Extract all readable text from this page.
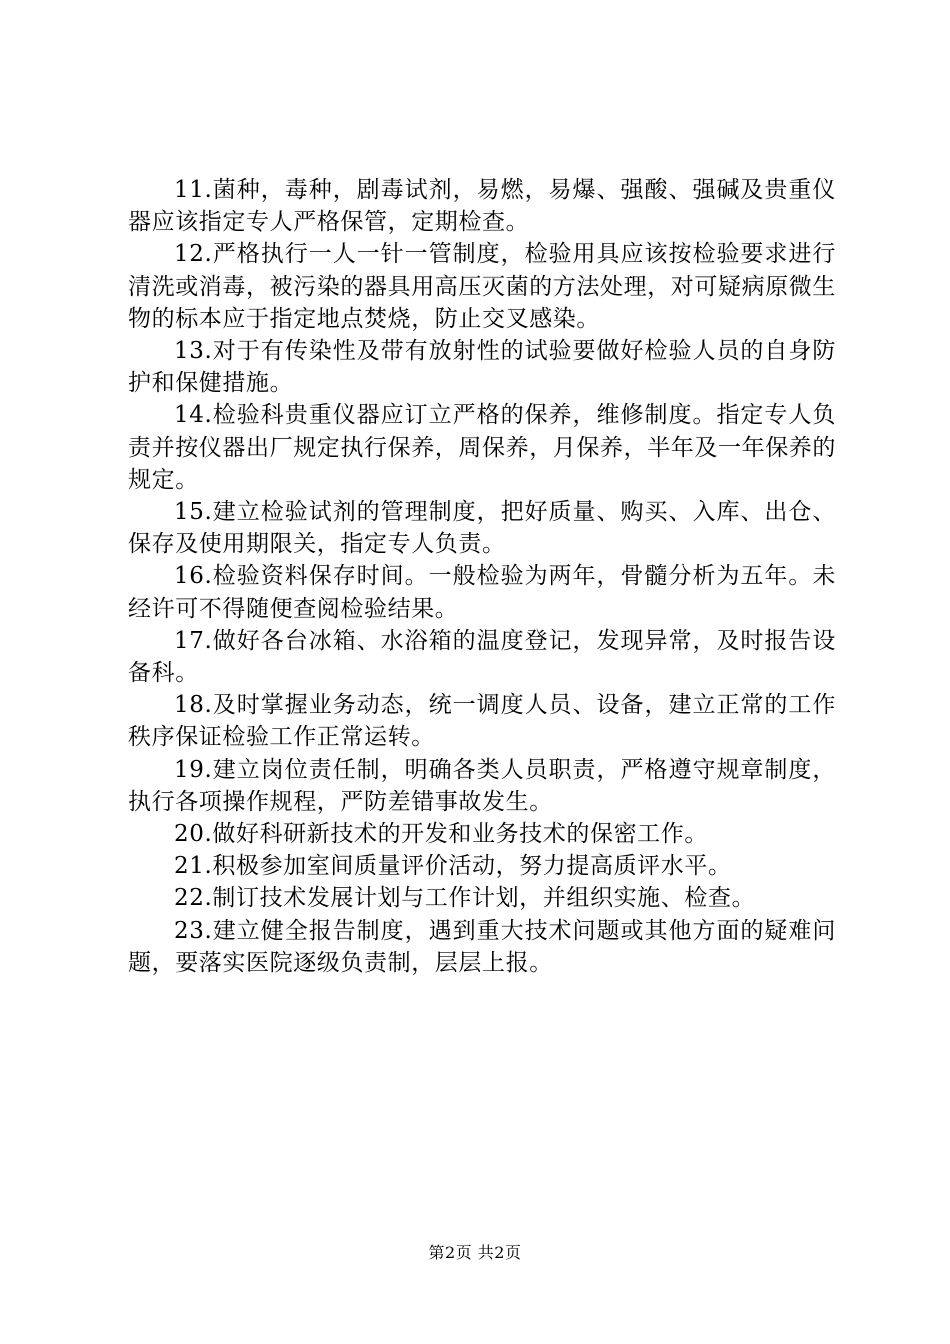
11.菌种，毒种，剧毒试剂，易燃，易爆、强酸、强碱及贵重仪器应该指定专人严格保管，定期检查。

12.严格执行一人一针一管制度，检验用具应该按检验要求进行清洗或消毒，被污染的器具用高压灭菌的方法处理，对可疑病原微生物的标本应于指定地点焚烧，防止交叉感染。

13.对于有传染性及带有放射性的试验要做好检验人员的自身防护和保健措施。

14.检验科贵重仪器应订立严格的保养，维修制度。指定专人负责并按仪器出厂规定执行保养，周保养，月保养，半年及一年保养的规定。

15.建立检验试剂的管理制度，把好质量、购买、入库、出仓、保存及使用期限关，指定专人负责。

16.检验资料保存时间。一般检验为两年，骨髓分析为五年。未经许可不得随便查阅检验结果。

17.做好各台冰箱、水浴箱的温度登记，发现异常，及时报告设备科。

18.及时掌握业务动态，统一调度人员、设备，建立正常的工作秩序保证检验工作正常运转。

19.建立岗位责任制，明确各类人员职责，严格遵守规章制度，执行各项操作规程，严防差错事故发生。

20.做好科研新技术的开发和业务技术的保密工作。

21.积极参加室间质量评价活动，努力提高质评水平。

22.制订技术发展计划与工作计划，并组织实施、检查。

23.建立健全报告制度，遇到重大技术问题或其他方面的疑难问题，要落实医院逐级负责制，层层上报。

第2页 共2页
